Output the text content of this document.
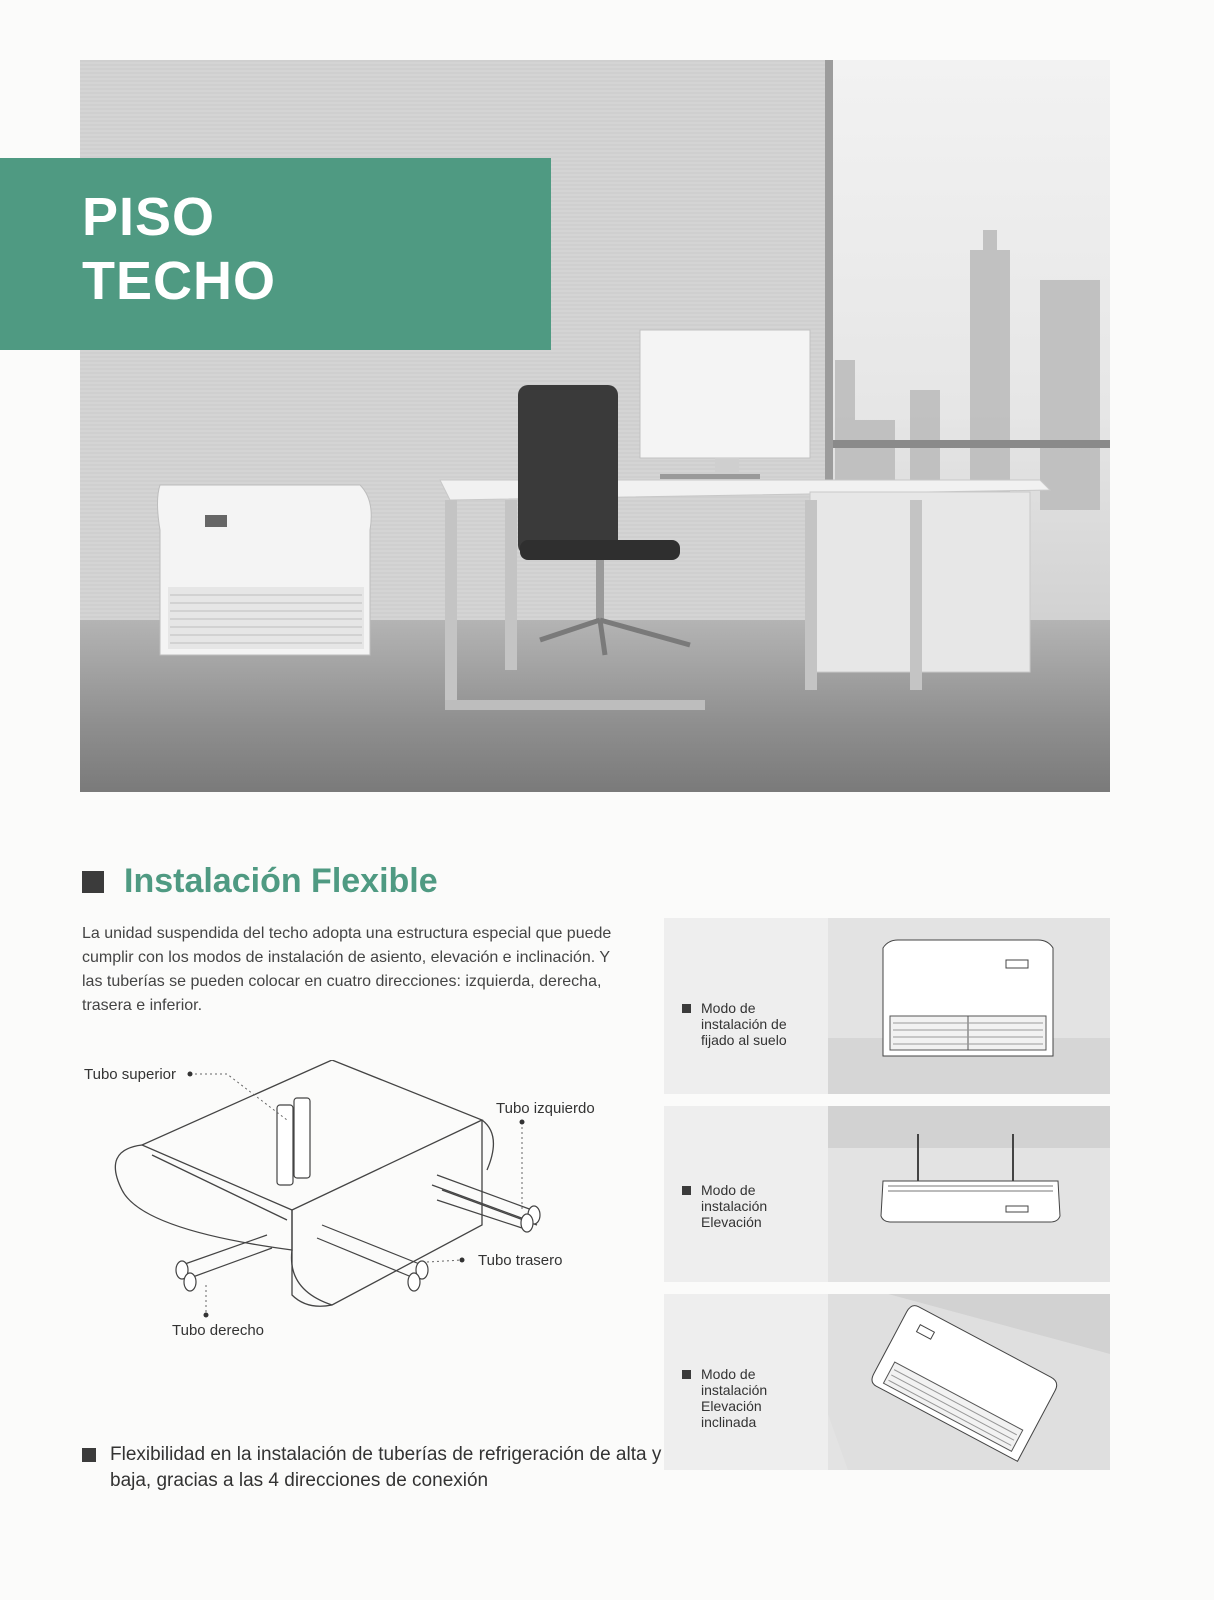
PISO
TECHO
Instalación Flexible
La unidad suspendida del techo adopta una estructura especial que puede cumplir con los modos de instalación de asiento, elevación e inclinación. Y las tuberías se pueden colocar en cuatro direcciones: izquierda, derecha, trasera e inferior.
Tubo superior
Tubo izquierdo
Tubo trasero
Tubo derecho
Flexibilidad en la instalación de tuberías de refrigeración de alta y baja, gracias a las 4 direcciones de conexión
Modo de instalación de fijado al suelo
Modo de instalación Elevación
Modo de instalación Elevación inclinada
